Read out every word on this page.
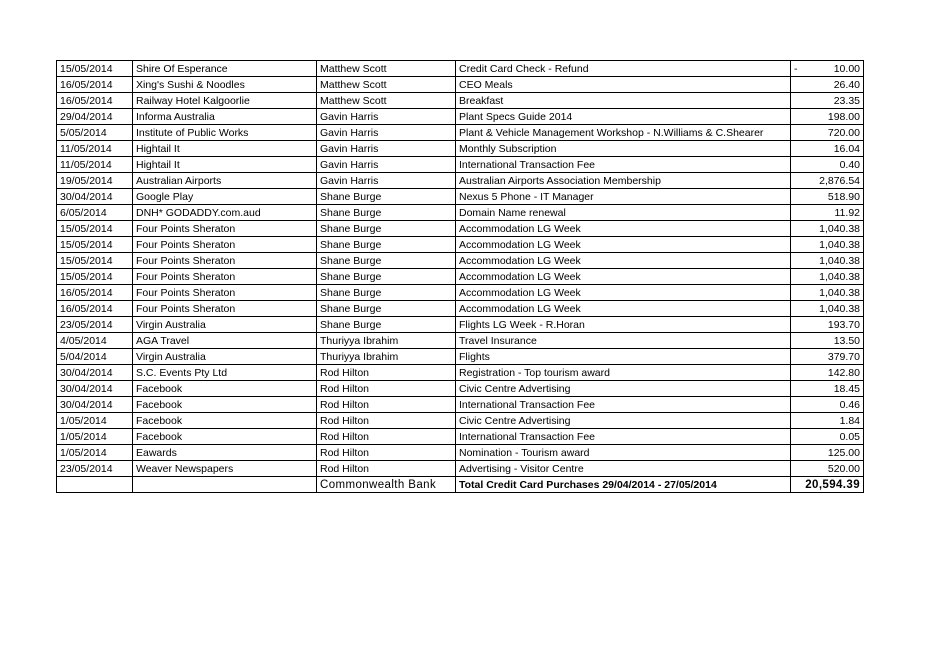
15/05/2014	Shire Of Esperance	Matthew Scott	Credit Card Check - Refund	- 10.00
16/05/2014	Xing's Sushi & Noodles	Matthew Scott	CEO Meals	26.40
16/05/2014	Railway Hotel Kalgoorlie	Matthew Scott	Breakfast	23.35
29/04/2014	Informa Australia	Gavin Harris	Plant Specs Guide 2014	198.00
5/05/2014	Institute of Public Works	Gavin Harris	Plant & Vehicle Management Workshop - N.Williams & C.Shearer	720.00
11/05/2014	Hightail It	Gavin Harris	Monthly Subscription	16.04
11/05/2014	Hightail It	Gavin Harris	International Transaction Fee	0.40
19/05/2014	Australian Airports	Gavin Harris	Australian Airports Association Membership	2,876.54
30/04/2014	Google Play	Shane Burge	Nexus 5 Phone - IT Manager	518.90
6/05/2014	DNH* GODADDY.com.aud	Shane Burge	Domain Name renewal	11.92
15/05/2014	Four Points Sheraton	Shane Burge	Accommodation LG Week	1,040.38
15/05/2014	Four Points Sheraton	Shane Burge	Accommodation LG Week	1,040.38
15/05/2014	Four Points Sheraton	Shane Burge	Accommodation LG Week	1,040.38
15/05/2014	Four Points Sheraton	Shane Burge	Accommodation LG Week	1,040.38
16/05/2014	Four Points Sheraton	Shane Burge	Accommodation LG Week	1,040.38
16/05/2014	Four Points Sheraton	Shane Burge	Accommodation LG Week	1,040.38
23/05/2014	Virgin Australia	Shane Burge	Flights LG Week - R.Horan	193.70
4/05/2014	AGA Travel	Thuriyya Ibrahim	Travel Insurance	13.50
5/04/2014	Virgin Australia	Thuriyya Ibrahim	Flights	379.70
30/04/2014	S.C. Events Pty Ltd	Rod Hilton	Registration - Top tourism award	142.80
30/04/2014	Facebook	Rod Hilton	Civic Centre Advertising	18.45
30/04/2014	Facebook	Rod Hilton	International Transaction Fee	0.46
1/05/2014	Facebook	Rod Hilton	Civic Centre Advertising	1.84
1/05/2014	Facebook	Rod Hilton	International Transaction Fee	0.05
1/05/2014	Eawards	Rod Hilton	Nomination - Tourism award	125.00
23/05/2014	Weaver Newspapers	Rod Hilton	Advertising - Visitor Centre	520.00
		Commonwealth Bank	Total Credit Card Purchases 29/04/2014 - 27/05/2014	20,594.39
